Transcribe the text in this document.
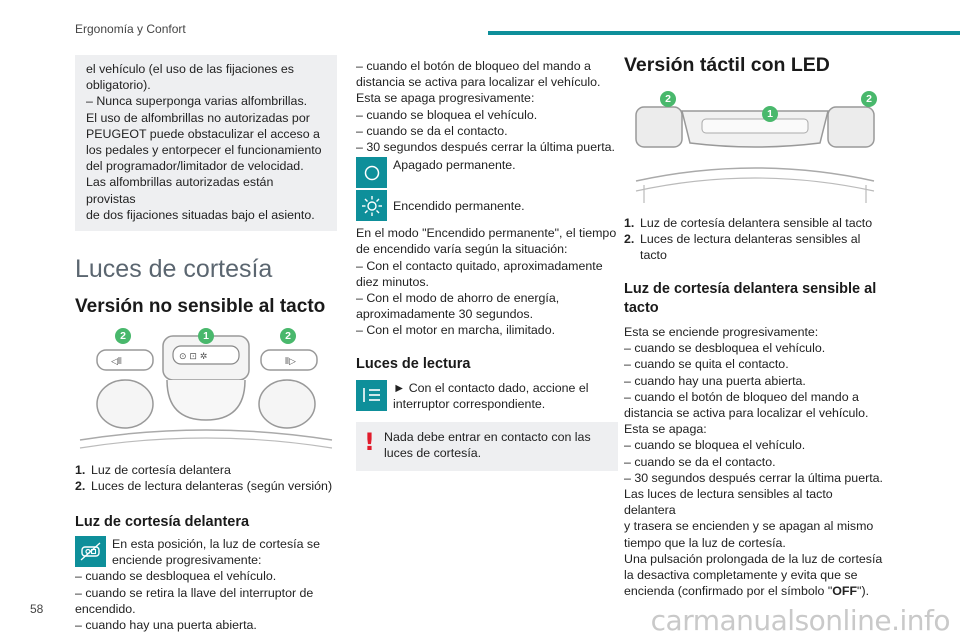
Ergonomía y Confort

el vehículo (el uso de las fijaciones es

obligatorio).

– Nunca superponga varias alfombrillas.

El uso de alfombrillas no autorizadas por

PEUGEOT puede obstaculizar el acceso a

los pedales y entorpecer el funcionamiento

del programador/limitador de velocidad.

Las alfombrillas autorizadas están provistas

de dos fijaciones situadas bajo el asiento.

Luces de cortesía
Versión no sensible al tacto
◁⦀	⦀▷
⊙ ⊡ ✲
2	1	2
1. Luz de cortesía delantera
2. Luces de lectura delanteras (según versión)
Luz de cortesía delantera

En esta posición, la luz de cortesía se

enciende progresivamente:

– cuando se desbloquea el vehículo.

– cuando se retira la llave del interruptor de

encendido.

– cuando hay una puerta abierta.

– cuando el botón de bloqueo del mando a

distancia se activa para localizar el vehículo.

Esta se apaga progresivamente:

– cuando se bloquea el vehículo.

– cuando se da el contacto.

– 30 segundos después cerrar la última puerta.

Apagado permanente.

Encendido permanente.

En el modo "Encendido permanente", el tiempo

de encendido varía según la situación:

– Con el contacto quitado, aproximadamente

diez minutos.

– Con el modo de ahorro de energía,

aproximadamente 30 segundos.

– Con el motor en marcha, ilimitado.

Luces de lectura

► Con el contacto dado, accione el

interruptor correspondiente.

! Nada debe entrar en contacto con las

luces de cortesía.

Versión táctil con LED
2
1
2
1. Luz de cortesía delantera sensible al tacto
2. Luces de lectura delanteras sensibles al tacto
Luz de cortesía delantera sensible al
tacto

Esta se enciende progresivamente:

– cuando se desbloquea el vehículo.

– cuando se quita el contacto.

– cuando hay una puerta abierta.

– cuando el botón de bloqueo del mando a

distancia se activa para localizar el vehículo.

Esta se apaga:

– cuando se bloquea el vehículo.

– cuando se da el contacto.

– 30 segundos después cerrar la última puerta.

Las luces de lectura sensibles al tacto delantera

y trasera se encienden y se apagan al mismo

tiempo que la luz de cortesía.

Una pulsación prolongada de la luz de cortesía

la desactiva completamente y evita que se

encienda (confirmado por el símbolo "OFF").

58	carmanualsonline.info
